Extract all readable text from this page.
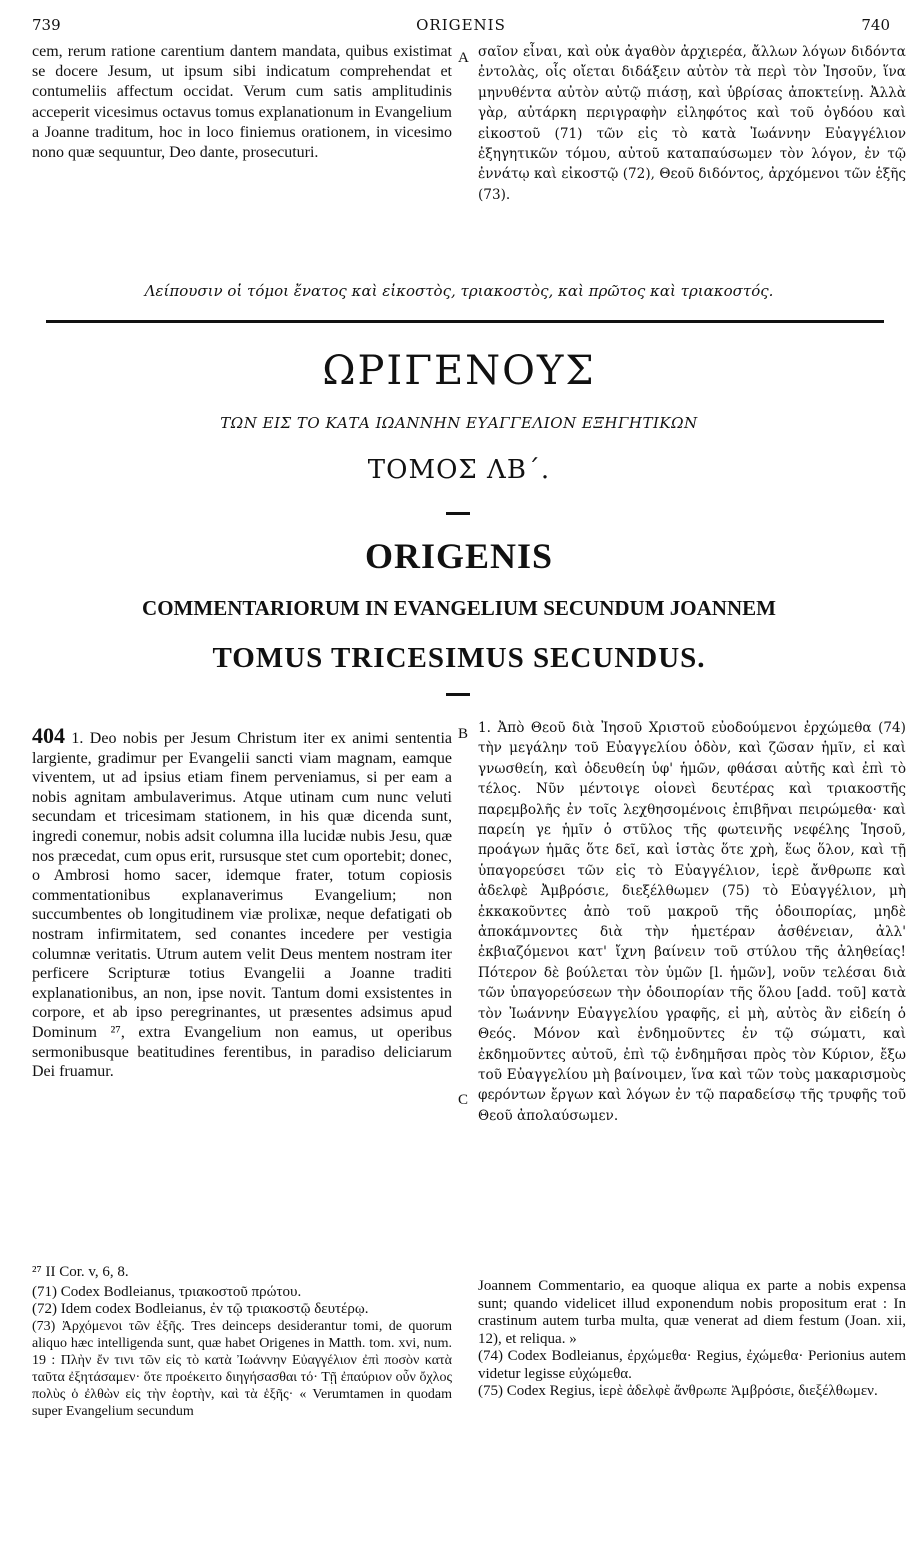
739	ORIGENIS	740

cem, rerum ratione carentium dantem mandata, quibus existimat se docere Jesum, ut ipsum sibi indicatum comprehendat et contumeliis affectum occidat. Verum cum satis amplitudinis acceperit vicesimus octavus tomus explanationum in Evangelium a Joanne traditum, hoc in loco finiemus orationem, in vicesimo nono quæ sequuntur, Deo dante, prosecuturi.

A σαῖον εἶναι, καὶ οὐκ ἀγαθὸν ἀρχιερέα, ἄλλων λόγων διδόντα ἐντολὰς, οἷς οἴεται διδάξειν αὐτὸν τὰ περὶ τὸν Ἰησοῦν, ἵνα μηνυθέντα αὐτὸν αὐτῷ πιάσῃ, καὶ ὑβρίσας ἀποκτείνῃ. Ἀλλὰ γὰρ, αὐτάρκη περιγραφὴν εἰληφότος καὶ τοῦ ὀγδόου καὶ εἰκοστοῦ (71) τῶν εἰς τὸ κατὰ Ἰωάννην Εὐαγγέλιον ἐξηγητικῶν τόμου, αὐτοῦ καταπαύσωμεν τὸν λόγον, ἐν τῷ ἐννάτῳ καὶ εἰκοστῷ (72), Θεοῦ διδόντος, ἀρχόμενοι τῶν ἑξῆς (73).

Λείπουσιν οἱ τόμοι ἔνατος καὶ εἰκοστὸς, τριακοστὸς, καὶ πρῶτος καὶ τριακοστός.
ΩΡΙΓΕΝΟΥΣ
ΤΩΝ ΕΙΣ ΤΟ ΚΑΤΑ ΙΩΑΝΝΗΝ ΕΥΑΓΓΕΛΙΟΝ ΕΞΗΓΗΤΙΚΩΝ
ΤΟΜΟΣ ΛΒ΄.
ORIGENIS
COMMENTARIORUM IN EVANGELIUM SECUNDUM JOANNEM
TOMUS TRICESIMUS SECUNDUS.

404 1. Deo nobis per Jesum Christum iter ex animi sententia largiente, gradimur per Evangelii sancti viam magnam, eamque viventem, ut ad ipsius etiam finem perveniamus, si per eam a nobis agnitam ambulaverimus. Atque utinam cum nunc veluti secundam et tricesimam stationem, in his quæ dicenda sunt, ingredi conemur, nobis adsit columna illa lucidæ nubis Jesu, quæ nos præcedat, cum opus erit, rursusque stet cum oportebit; donec, o Ambrosi homo sacer, idemque frater, totum copiosis commentationibus explanaverimus Evangelium; non succumbentes ob longitudinem viæ prolixæ, neque defatigati ob nostram infirmitatem, sed conantes incedere per vestigia columnæ veritatis. Utrum autem velit Deus mentem nostram iter perficere Scripturæ totius Evangelii a Joanne traditi explanationibus, an non, ipse novit. Tantum domi exsistentes in corpore, et ab ipso peregrinantes, ut præsentes adsimus apud Dominum ²⁷, extra Evangelium non eamus, ut operibus sermonibusque beatitudines ferentibus, in paradiso deliciarum Dei fruamur.

B
C

1. Ἀπὸ Θεοῦ διὰ Ἰησοῦ Χριστοῦ εὐοδούμενοι ἐρχώμεθα (74) τὴν μεγάλην τοῦ Εὐαγγελίου ὁδὸν, καὶ ζῶσαν ἡμῖν, εἰ καὶ γνωσθείη, καὶ ὁδευθείη ὑφ' ἡμῶν, φθάσαι αὐτῆς καὶ ἐπὶ τὸ τέλος. Νῦν μέντοιγε οἱονεὶ δευτέρας καὶ τριακοστῆς παρεμβολῆς ἐν τοῖς λεχθησομένοις ἐπιβῆναι πειρώμεθα· καὶ παρείη γε ἡμῖν ὁ στῦλος τῆς φωτεινῆς νεφέλης Ἰησοῦ, προάγων ἡμᾶς ὅτε δεῖ, καὶ ἱστὰς ὅτε χρὴ, ἕως ὅλον, καὶ τῇ ὑπαγορεύσει τῶν εἰς τὸ Εὐαγγέλιον, ἱερὲ ἄνθρωπε καὶ ἀδελφὲ Ἀμβρόσιε, διεξέλθωμεν (75) τὸ Εὐαγγέλιον, μὴ ἐκκακοῦντες ἀπὸ τοῦ μακροῦ τῆς ὁδοιπορίας, μηδὲ ἀποκάμνοντες διὰ τὴν ἡμετέραν ἀσθένειαν, ἀλλ' ἐκβιαζόμενοι κατ' ἴχνη βαίνειν τοῦ στύλου τῆς ἀληθείας! Πότερον δὲ βούλεται τὸν ὑμῶν [l. ἡμῶν], νοῦν τελέσαι διὰ τῶν ὑπαγορεύσεων τὴν ὁδοιπορίαν τῆς ὅλου [add. τοῦ] κατὰ τὸν Ἰωάννην Εὐαγγελίου γραφῆς, εἰ μὴ, αὐτὸς ἂν εἰδείη ὁ Θεός. Μόνον καὶ ἐνδημοῦντες ἐν τῷ σώματι, καὶ ἐκδημοῦντες αὐτοῦ, ἐπὶ τῷ ἐνδημῆσαι πρὸς τὸν Κύριον, ἔξω τοῦ Εὐαγγελίου μὴ βαίνοιμεν, ἵνα καὶ τῶν τοὺς μακαρισμοὺς φερόντων ἔργων καὶ λόγων ἐν τῷ παραδείσῳ τῆς τρυφῆς τοῦ Θεοῦ ἀπολαύσωμεν.

²⁷ II Cor. v, 6, 8.

(71) Codex Bodleianus, τριακοστοῦ πρώτου.

(72) Idem codex Bodleianus, ἐν τῷ τριακοστῷ δευτέρῳ.

(73) Ἀρχόμενοι τῶν ἑξῆς. Tres deinceps desiderantur tomi, de quorum aliquo hæc intelligenda sunt, quæ habet Origenes in Matth. tom. xvi, num. 19 : Πλὴν ἔν τινι τῶν εἰς τὸ κατὰ Ἰωάννην Εὐαγγέλιον ἐπὶ ποσὸν κατὰ ταῦτα ἐξητάσαμεν· ὅτε προέκειτο διηγήσασθαι τό· Τῇ ἐπαύριον οὖν ὄχλος πολὺς ὁ ἐλθὼν εἰς τὴν ἑορτὴν, καὶ τὰ ἑξῆς· « Verumtamen in quodam super Evangelium secundum

Joannem Commentario, ea quoque aliqua ex parte a nobis expensa sunt; quando videlicet illud exponendum nobis propositum erat : In crastinum autem turba multa, quæ venerat ad diem festum (Joan. xii, 12), et reliqua. »

(74) Codex Bodleianus, ἐρχώμεθα· Regius, ἐχώμεθα· Perionius autem videtur legisse εὐχώμεθα.

(75) Codex Regius, ἱερὲ ἀδελφὲ ἄνθρωπε Ἀμβρόσιε, διεξέλθωμεν.
